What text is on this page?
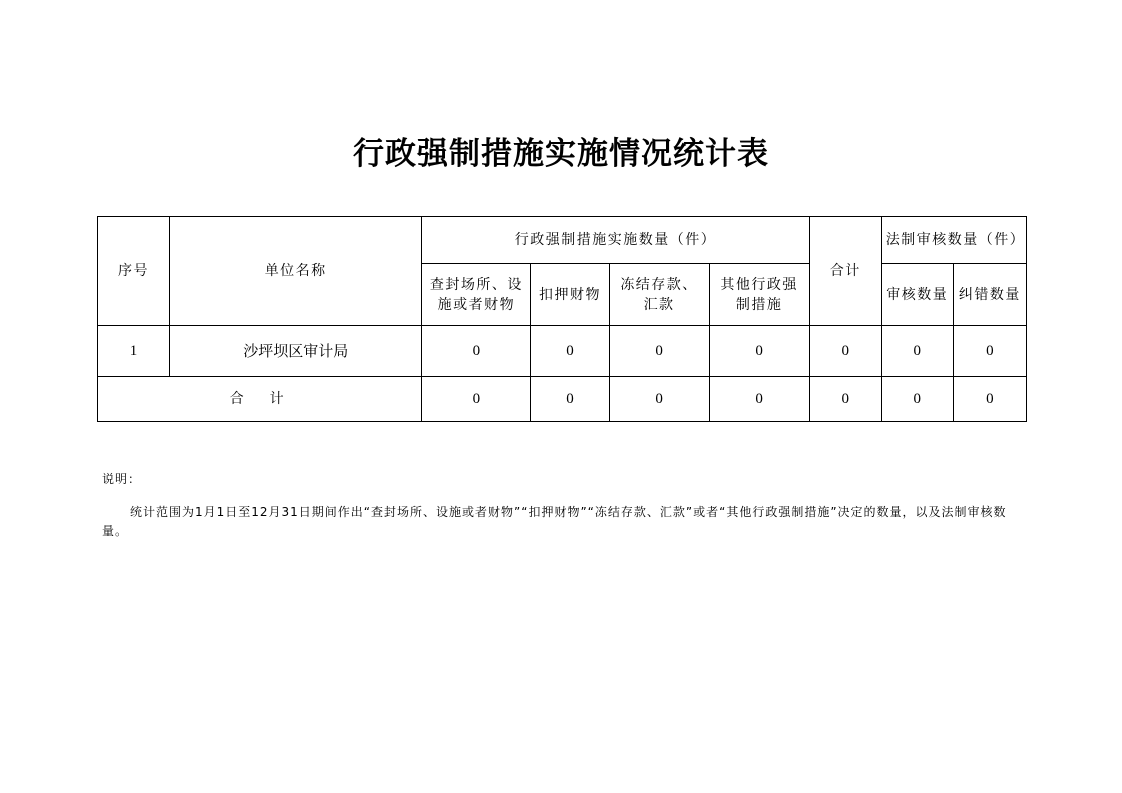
行政强制措施实施情况统计表
序号	单位名称	行政强制措施实施数量（件）				合计	法制审核数量（件）	
		查封场所、设施或者财物	扣押财物	冻结存款、汇款	其他行政强制措施		审核数量	纠错数量
1	沙坪坝区审计局	0	0	0	0	0	0	0
合　计		0	0	0	0	0	0	0
说明：
统计范围为1月1日至12月31日期间作出“查封场所、设施或者财物”“扣押财物”“冻结存款、汇款”或者“其他行政强制措施”决定的数量，以及法制审核数量。
